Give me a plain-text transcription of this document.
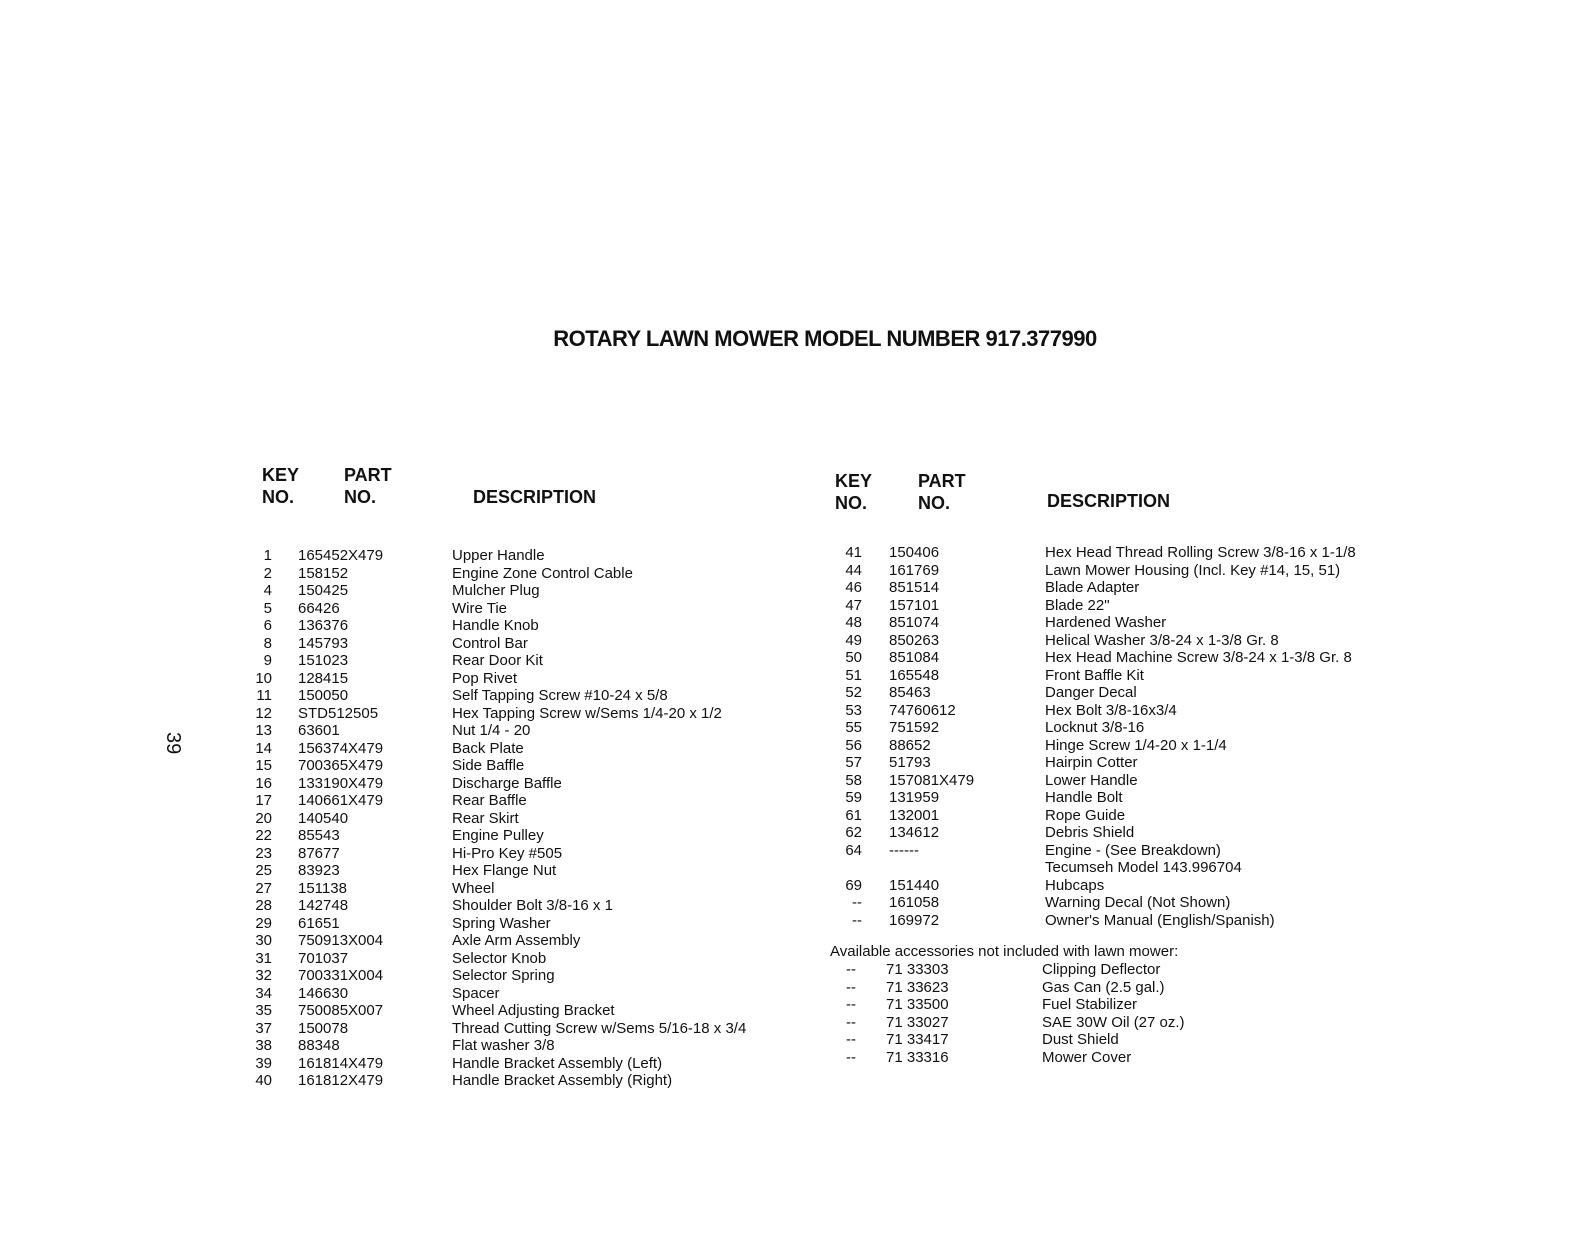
ROTARY LAWN MOWER MODEL NUMBER 917.377990
39
KEY
NO.
PART
NO.	DESCRIPTION
KEY
NO.
PART
NO.	DESCRIPTION
1 165452X479	Upper Handle
2 158152	Engine Zone Control Cable
4 150425	Mulcher Plug
5 66426	Wire Tie
6 136376	Handle Knob
8 145793	Control Bar
9 151023	Rear Door Kit
10 128415	Pop Rivet
11 150050	Self Tapping Screw #10-24 x 5/8
12 STD512505	Hex Tapping Screw w/Sems 1/4-20 x 1/2
13 63601	Nut 1/4 - 20
14 156374X479	Back Plate
15 700365X479	Side Baffle
16 133190X479	Discharge Baffle
17 140661X479	Rear Baffle
20 140540	Rear Skirt
22 85543	Engine Pulley
23 87677	Hi-Pro Key #505
25 83923	Hex Flange Nut
27 151138	Wheel
28 142748	Shoulder Bolt 3/8-16 x 1
29 61651	Spring Washer
30 750913X004	Axle Arm Assembly
31 701037	Selector Knob
32 700331X004	Selector Spring
34 146630	Spacer
35 750085X007	Wheel Adjusting Bracket
37 150078	Thread Cutting Screw w/Sems 5/16-18 x 3/4
38 88348	Flat washer 3/8
39 161814X479	Handle Bracket Assembly (Left)
40 161812X479	Handle Bracket Assembly (Right)
41 150406	Hex Head Thread Rolling Screw 3/8-16 x 1-1/8
44 161769	Lawn Mower Housing (Incl. Key #14, 15, 51)
46 851514	Blade Adapter
47 157101	Blade 22"
48 851074	Hardened Washer
49 850263	Helical Washer 3/8-24 x 1-3/8 Gr. 8
50 851084	Hex Head Machine Screw 3/8-24 x 1-3/8 Gr. 8
51 165548	Front Baffle Kit
52 85463	Danger Decal
53 74760612	Hex Bolt 3/8-16x3/4
55 751592	Locknut 3/8-16
56 88652	Hinge Screw 1/4-20 x 1-1/4
57 51793	Hairpin Cotter
58 157081X479	Lower Handle
59 131959	Handle Bolt
61 132001	Rope Guide
62 134612	Debris Shield
64 ------	Engine - (See Breakdown)
Tecumseh Model 143.996704
69 151440	Hubcaps
-- 161058	Warning Decal (Not Shown)
-- 169972	Owner's Manual (English/Spanish)
Available accessories not included with lawn mower:
-- 71 33303	Clipping Deflector
-- 71 33623	Gas Can (2.5 gal.)
-- 71 33500	Fuel Stabilizer
-- 71 33027	SAE 30W Oil (27 oz.)
-- 71 33417	Dust Shield
-- 71 33316	Mower Cover
